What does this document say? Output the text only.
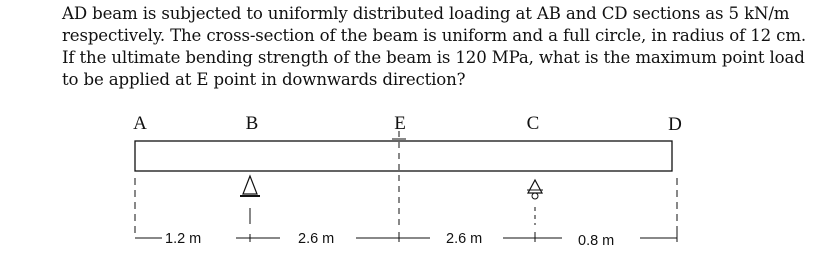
AD beam is subjected to uniformly distributed loading at AB and CD sections as 5 kN/m
respectively. The cross-section of the beam is uniform and a full circle, in radius of 12 cm.
If the ultimate bending strength of the beam is 120 MPa, what is the maximum point load
to be applied at E point in downwards direction?
A	B	E	C	D
1.2 m	2.6 m	2.6 m	0.8 m
